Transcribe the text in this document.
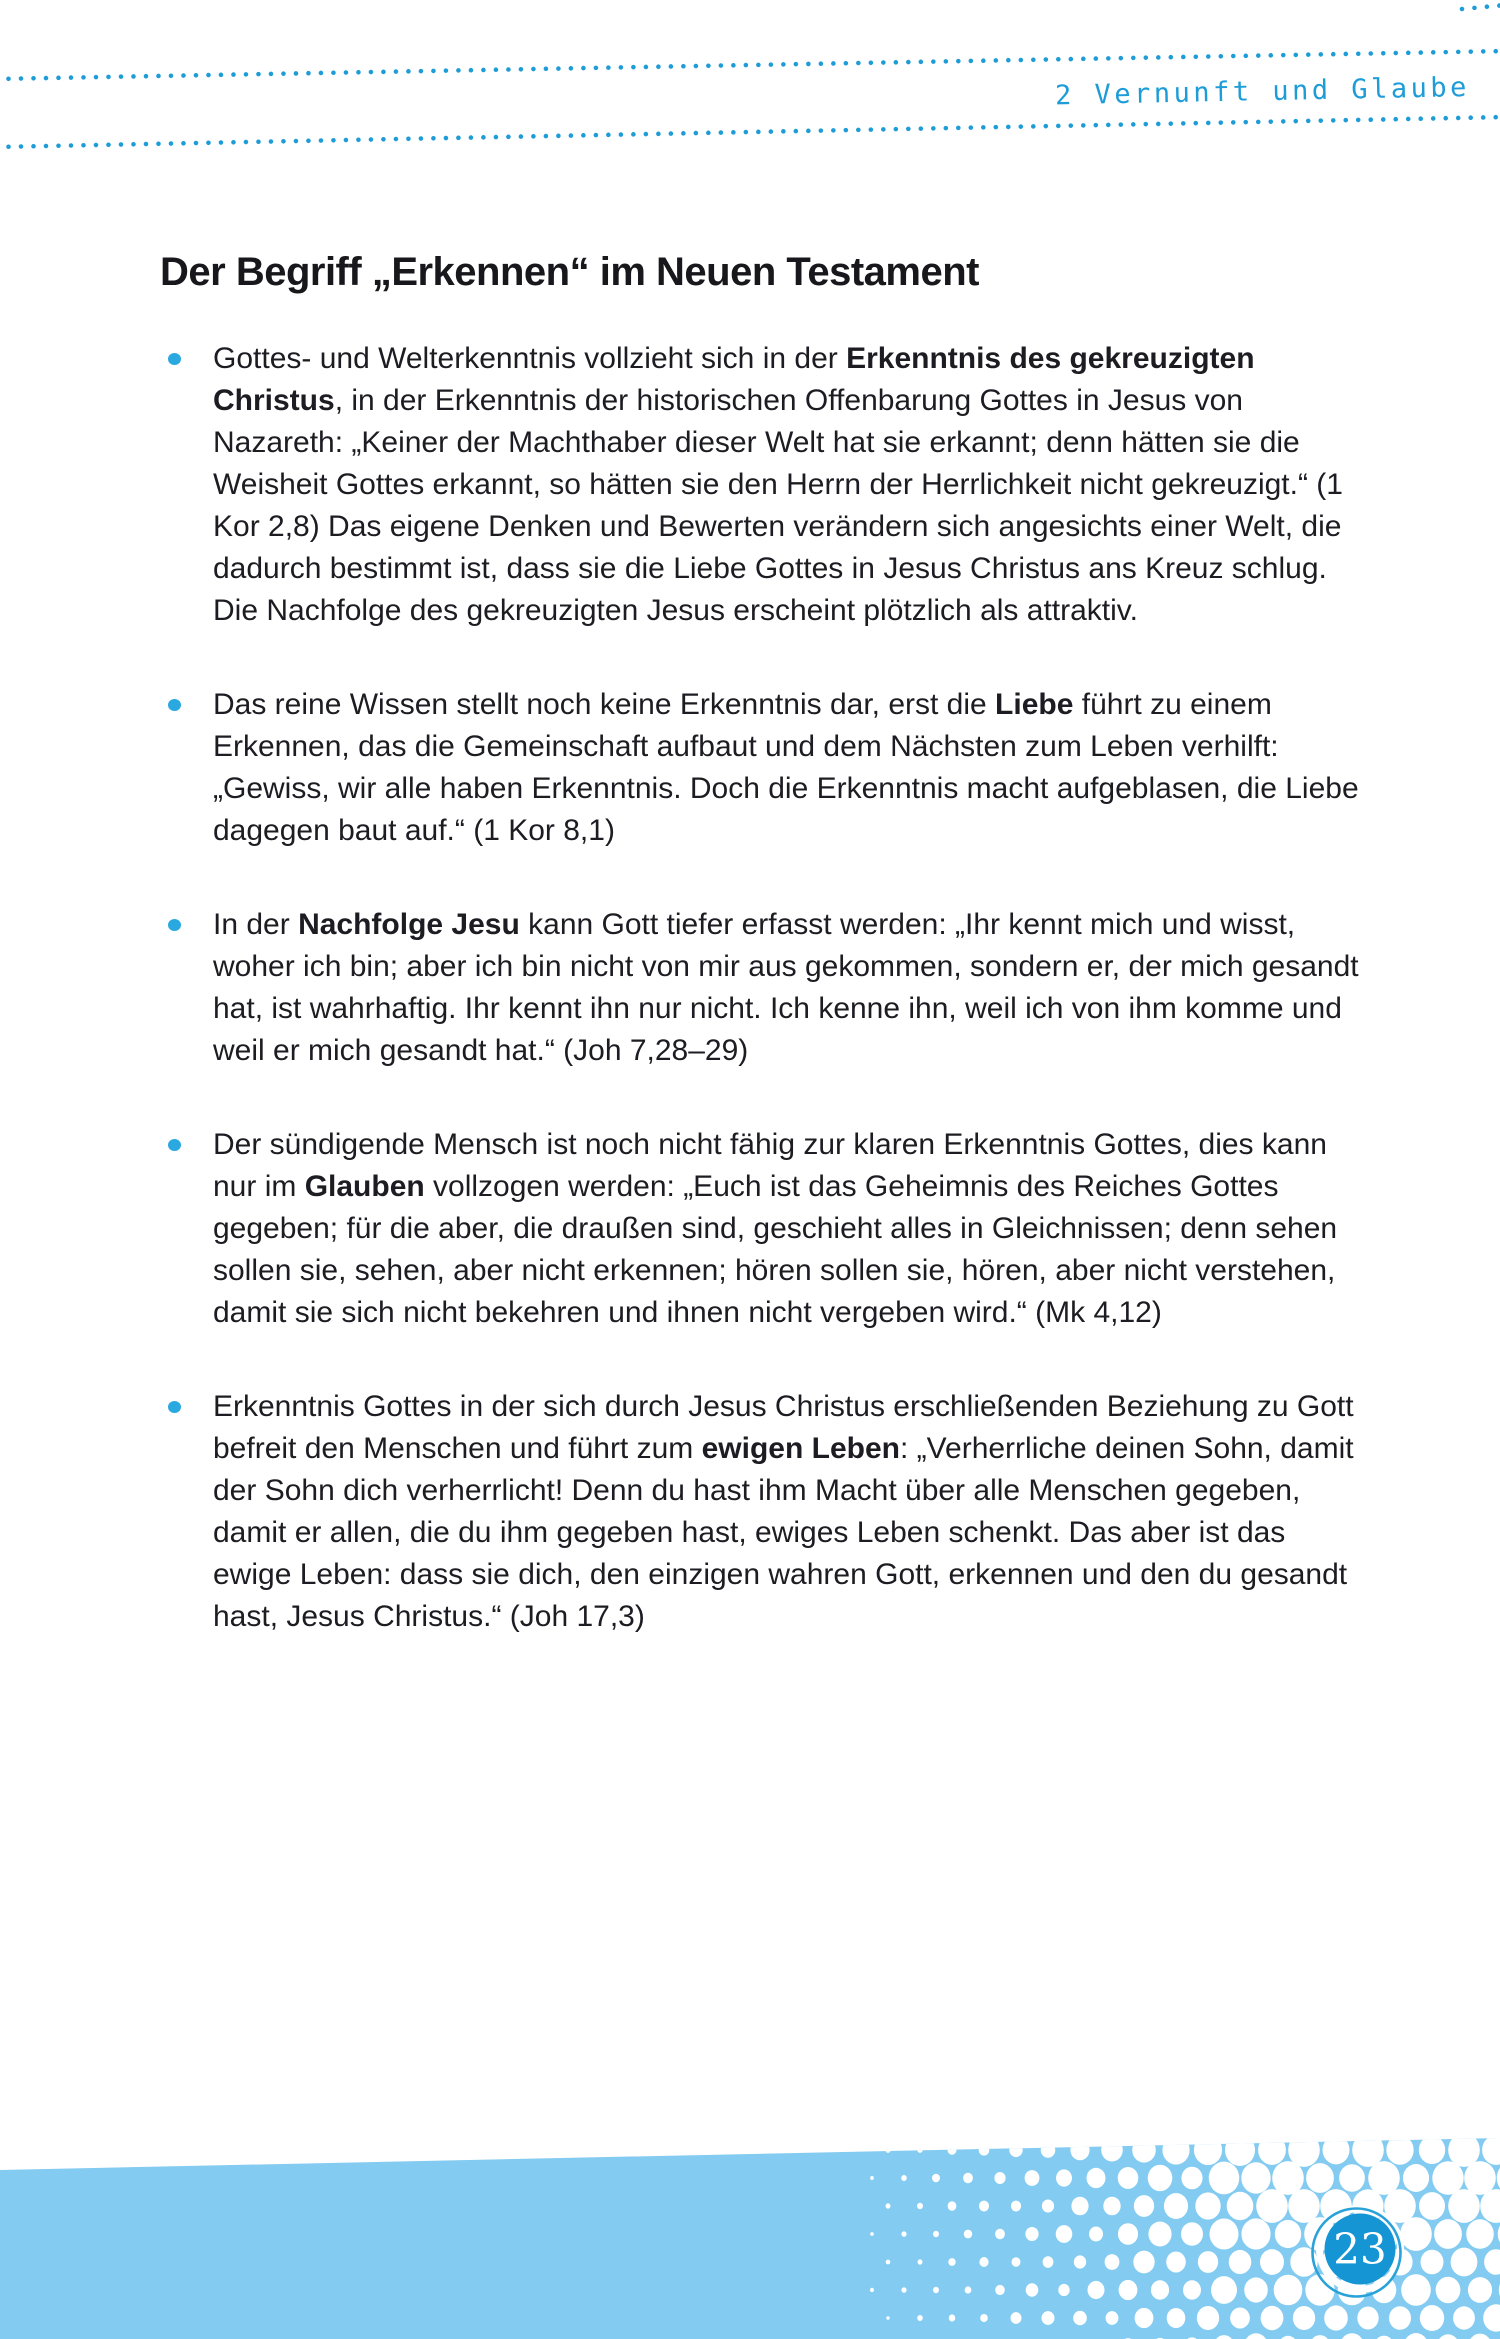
2 Vernunft und Glaube
Der Begriff „Erkennen“ im Neuen Testament
Gottes- und Welterkenntnis vollzieht sich in der Erkenntnis des gekreuzigten Christus, in der Erkenntnis der historischen Offenbarung Gottes in Jesus von Nazareth: „Keiner der Machthaber dieser Welt hat sie erkannt; denn hätten sie die Weisheit Gottes erkannt, so hätten sie den Herrn der Herrlichkeit nicht gekreuzigt.“ (1 Kor 2,8) Das eigene Denken und Bewerten verändern sich angesichts einer Welt, die dadurch bestimmt ist, dass sie die Liebe Gottes in Jesus Christus ans Kreuz schlug. Die Nachfolge des gekreuzigten Jesus erscheint plötzlich als attraktiv.
Das reine Wissen stellt noch keine Erkenntnis dar, erst die Liebe führt zu einem Erkennen, das die Gemeinschaft aufbaut und dem Nächsten zum Leben verhilft: „Gewiss, wir alle haben Erkenntnis. Doch die Erkenntnis macht aufgeblasen, die Liebe dagegen baut auf.“ (1 Kor 8,1)
In der Nachfolge Jesu kann Gott tiefer erfasst werden: „Ihr kennt mich und wisst, woher ich bin; aber ich bin nicht von mir aus gekommen, sondern er, der mich gesandt hat, ist wahrhaftig. Ihr kennt ihn nur nicht. Ich kenne ihn, weil ich von ihm komme und weil er mich gesandt hat.“ (Joh 7,28–29)
Der sündigende Mensch ist noch nicht fähig zur klaren Erkenntnis Gottes, dies kann nur im Glauben vollzogen werden: „Euch ist das Geheimnis des Reiches Gottes gegeben; für die aber, die draußen sind, geschieht alles in Gleichnissen; denn sehen sollen sie, sehen, aber nicht erkennen; hören sollen sie, hören, aber nicht verstehen, damit sie sich nicht bekehren und ihnen nicht vergeben wird.“ (Mk 4,12)
Erkenntnis Gottes in der sich durch Jesus Christus erschließenden Beziehung zu Gott befreit den Menschen und führt zum ewigen Leben: „Verherrliche deinen Sohn, damit der Sohn dich verherrlicht! Denn du hast ihm Macht über alle Menschen gegeben, damit er allen, die du ihm gegeben hast, ewiges Leben schenkt. Das aber ist das ewige Leben: dass sie dich, den einzigen wahren Gott, erkennen und den du gesandt hast, Jesus Christus.“ (Joh 17,3)
23
